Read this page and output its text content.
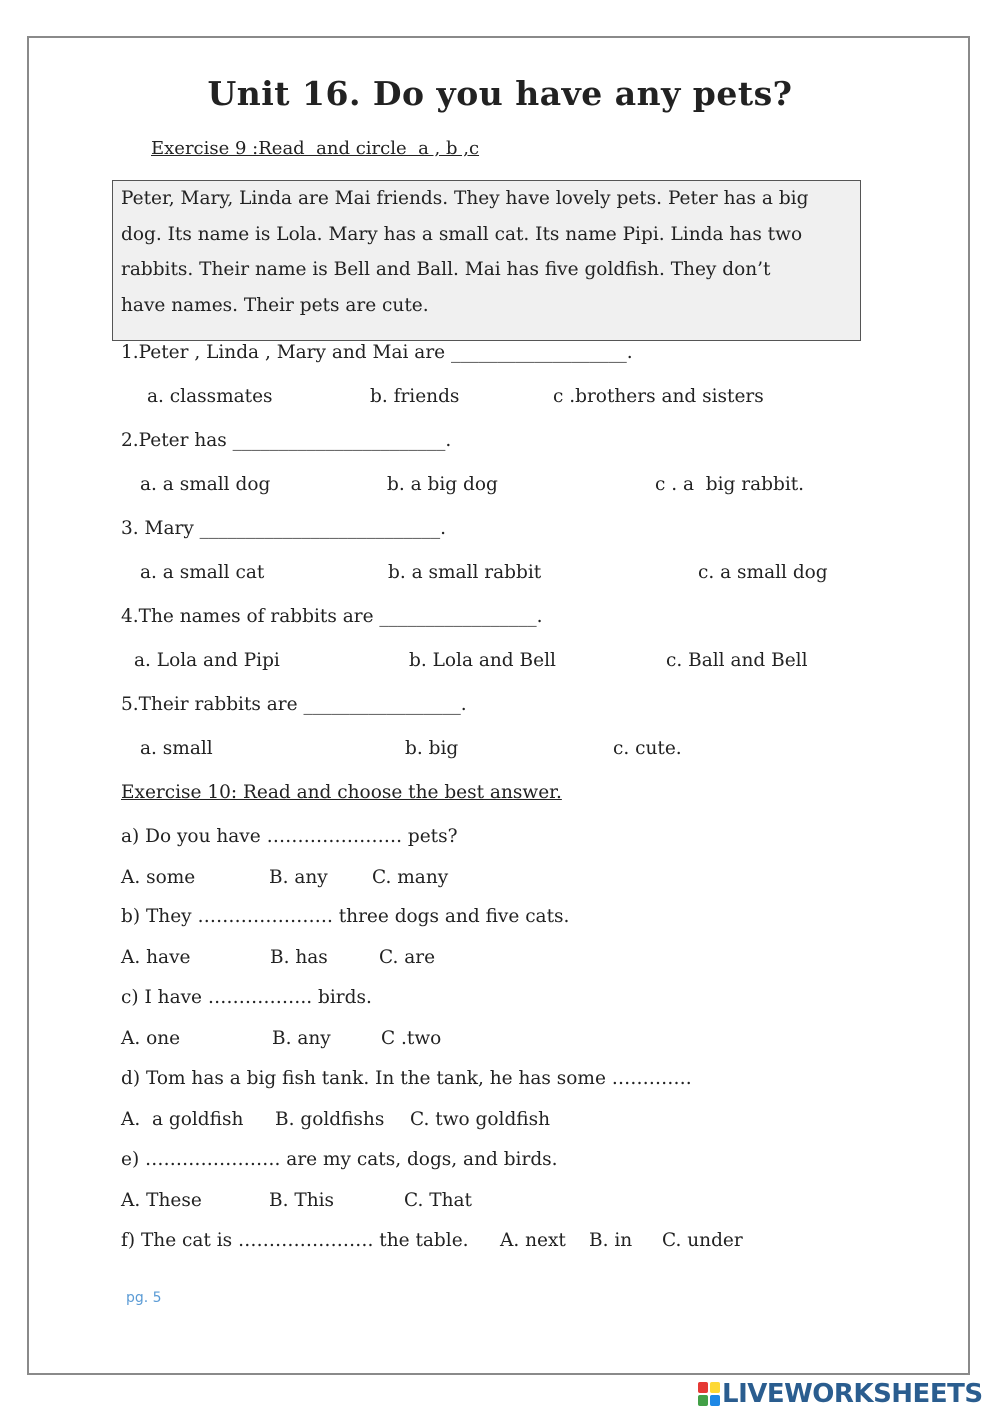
Unit 16. Do you have any pets?
Exercise 9 :Read  and circle  a , b ,c
Peter, Mary, Linda are Mai friends. They have lovely pets. Peter has a big
dog. Its name is Lola. Mary has a small cat. Its name Pipi. Linda has two
rabbits. Their name is Bell and Ball. Mai has five goldfish. They don’t
have names. Their pets are cute.
1.Peter , Linda , Mary and Mai are ___________________.
a. classmates	b. friends	c .brothers and sisters
2.Peter has _______________________.
a. a small dog	b. a big dog	c . a  big rabbit.
3. Mary __________________________.
a. a small cat	b. a small rabbit	c. a small dog
4.The names of rabbits are _________________.
a. Lola and Pipi	b. Lola and Bell	c. Ball and Bell
5.Their rabbits are _________________.
a. small	b. big	c. cute.
Exercise 10: Read and choose the best answer.
a) Do you have …………………. pets?
A. some	B. any C. many
b) They …………………. three dogs and five cats.
A. have	B. has	C. are
c) I have …………….. birds.
A. one	B. any	C .two
d) Tom has a big fish tank. In the tank, he has some ………….
A.  a goldfish B. goldfishs C. two goldfish
e) …………………. are my cats, dogs, and birds.
A. These	B. This	C. That
f) The cat is …………………. the table. A. next B. in C. under
pg. 5
LIVEWORKSHEETS
